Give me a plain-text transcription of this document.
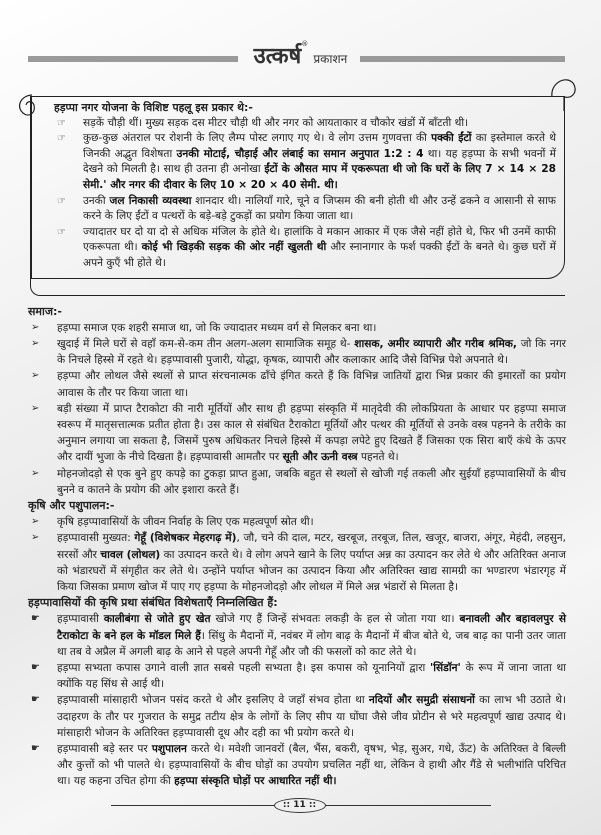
उत्कर्ष® प्रकाशन
हड़प्पा नगर योजना के विशिष्ट पहलू इस प्रकार थे:-
☞ सड़कें चौड़ी थीं। मुख्य सड़क दस मीटर चौड़ी थी और नगर को आयताकार व चौकोर खंडों में बाँटती थी।
☞ कुछ-कुछ अंतराल पर रोशनी के लिए लैम्प पोस्ट लगाए गए थे। वे लोग उत्तम गुणवत्ता की पक्की ईंटों का इस्तेमाल करते थे जिनकी अद्भुत विशेषता उनकी मोटाई, चौड़ाई और लंबाई का समान अनुपात 1:2 : 4 था। यह हड़प्पा के सभी भवनों में देखने को मिलती है। साथ ही उतना ही अनोखा ईंटों के औसत माप में एकरूपता थी जो कि घरों के लिए 7 × 14 × 28 सेमी.' और नगर की दीवार के लिए 10 × 20 × 40 सेमी. थी।
☞ उनकी जल निकासी व्यवस्था शानदार थी। नालियाँ गारे, चूने व जिप्सम की बनी होती थी और उन्हें ढकने व आसानी से साफ करने के लिए ईंटों व पत्थरों के बड़े-बड़े टुकड़ों का प्रयोग किया जाता था।
☞ ज्यादातर घर दो या दो से अधिक मंजिल के होते थे। हालांकि वे मकान आकार में एक जैसे नहीं होते थे, फिर भी उनमें काफी एकरूपता थी। कोई भी खिड़की सड़क की ओर नहीं खुलती थी और स्नानागार के फर्श पक्की ईंटों के बनते थे। कुछ घरों में अपने कुएँ भी होते थे।
समाज:-
➢ हड़प्पा समाज एक शहरी समाज था, जो कि ज्यादातर मध्यम वर्ग से मिलकर बना था।
➢ खुदाई में मिले घरों से वहाँ कम-से-कम तीन अलग-अलग सामाजिक समूह थे- शासक, अमीर व्यापारी और गरीब श्रमिक, जो कि नगर के निचले हिस्से में रहते थे। हड़प्पावासी पुजारी, योद्धा, कृषक, व्यापारी और कलाकार आदि जैसे विभिन्न पेशे अपनाते थे।
➢ हड़प्पा और लोथल जैसे स्थलों से प्राप्त संरचनात्मक ढाँचे इंगित करते हैं कि विभिन्न जातियों द्वारा भिन्न प्रकार की इमारतों का प्रयोग आवास के तौर पर किया जाता था।
➢ बड़ी संख्या में प्राप्त टैराकोटा की नारी मूर्तियों और साथ ही हड़प्पा संस्कृति में मातृदेवी की लोकप्रियता के आधार पर हड़प्पा समाज स्वरूप में मातृसत्तात्मक प्रतीत होता है। उस काल से संबंधित टैराकोटा मूर्तियों और पत्थर की मूर्तियों से उनके वस्त्र पहनने के तरीके का अनुमान लगाया जा सकता है, जिसमें पुरुष अधिकतर निचले हिस्से में कपड़ा लपेटे हुए दिखते हैं जिसका एक सिरा बाएँ कंधे के ऊपर और दायीं भुजा के नीचे दिखता है। हड़प्पावासी आमतौर पर सूती और ऊनी वस्त्र पहनते थे।
➢ मोहनजोदड़ो से एक बुने हुए कपड़े का टुकड़ा प्राप्त हुआ, जबकि बहुत से स्थलों से खोजी गई तकली और सुईयाँ हड़प्पावासियों के बीच बुनने व कातने के प्रयोग की ओर इशारा करते हैं।
कृषि और पशुपालन:-
➢ कृषि हड़प्पावासियों के जीवन निर्वाह के लिए एक महत्वपूर्ण स्रोत थी।
➢ हड़प्पावासी मुख्यत: गेहूँ (विशेषकर मेहरगढ़ में), जौ, चने की दाल, मटर, खरबूज, तरबूज, तिल, खजूर, बाजरा, अंगूर, मेहंदी, लहसुन, सरसों और चावल (लोथल) का उत्पादन करते थे। वे लोग अपने खाने के लिए पर्याप्त अन्न का उत्पादन कर लेते थे और अतिरिक्त अनाज को भंडारघरों में संगृहीत कर लेते थे। उन्होंने पर्याप्त भोजन का उत्पादन किया और अतिरिक्त खाद्य सामग्री का भण्डारण भंडारगृह में किया जिसका प्रमाण खोज में पाए गए हड़प्पा के मोहनजोदड़ो और लोथल में मिले अन्न भंडारों से मिलता है।
हड़प्पावासियों की कृषि प्रथा संबंधित विशेषताएँ निम्नलिखित हैं:
☛ हड़प्पावासी कालीबंगा से जोते हुए खेत खोजे गए हैं जिन्हें संभवतः लकड़ी के हल से जोता गया था। बनावली और बहावलपुर से टैराकोटा के बने हल के मॉडल मिले हैं। सिंधु के मैदानों में, नवंबर में लोग बाढ़ के मैदानों में बीज बोते थे, जब बाढ़ का पानी उतर जाता था तब वे अप्रैल में अगली बाढ़ के आने से पहले अपनी गेहूँ और जौ की फसलों को काट लेते थे।
☛ हड़प्पा सभ्यता कपास उगाने वाली ज्ञात सबसे पहली सभ्यता है। इस कपास को यूनानियों द्वारा 'सिंडॉन' के रूप में जाना जाता था क्योंकि यह सिंध से आई थी।
☛ हड़प्पावासी मांसाहारी भोजन पसंद करते थे और इसलिए वे जहाँ संभव होता था नदियों और समुद्री संसाधनों का लाभ भी उठाते थे। उदाहरण के तौर पर गुजरात के समुद्र तटीय क्षेत्र के लोगों के लिए सीप या घोंघा जैसे जीव प्रोटीन से भरे महत्वपूर्ण खाद्य उत्पाद थे। मांसाहारी भोजन के अतिरिक्त हड़प्पावासी दूध और दही का भी प्रयोग करते थे।
☛ हड़प्पावासी बड़े स्तर पर पशुपालन करते थे। मवेशी जानवरों (बैल, भैंस, बकरी, वृषभ, भेड़, सुअर, गधे, ऊँट) के अतिरिक्त वे बिल्ली और कुत्तों को भी पालते थे। हड़प्पावासियों के बीच घोड़ों का उपयोग प्रचलित नहीं था, लेकिन वे हाथी और गैंडे से भलीभांति परिचित था। यह कहना उचित होगा की हड़प्पा संस्कृति घोड़ों पर आधारित नहीं थी।
:: 11 ::
